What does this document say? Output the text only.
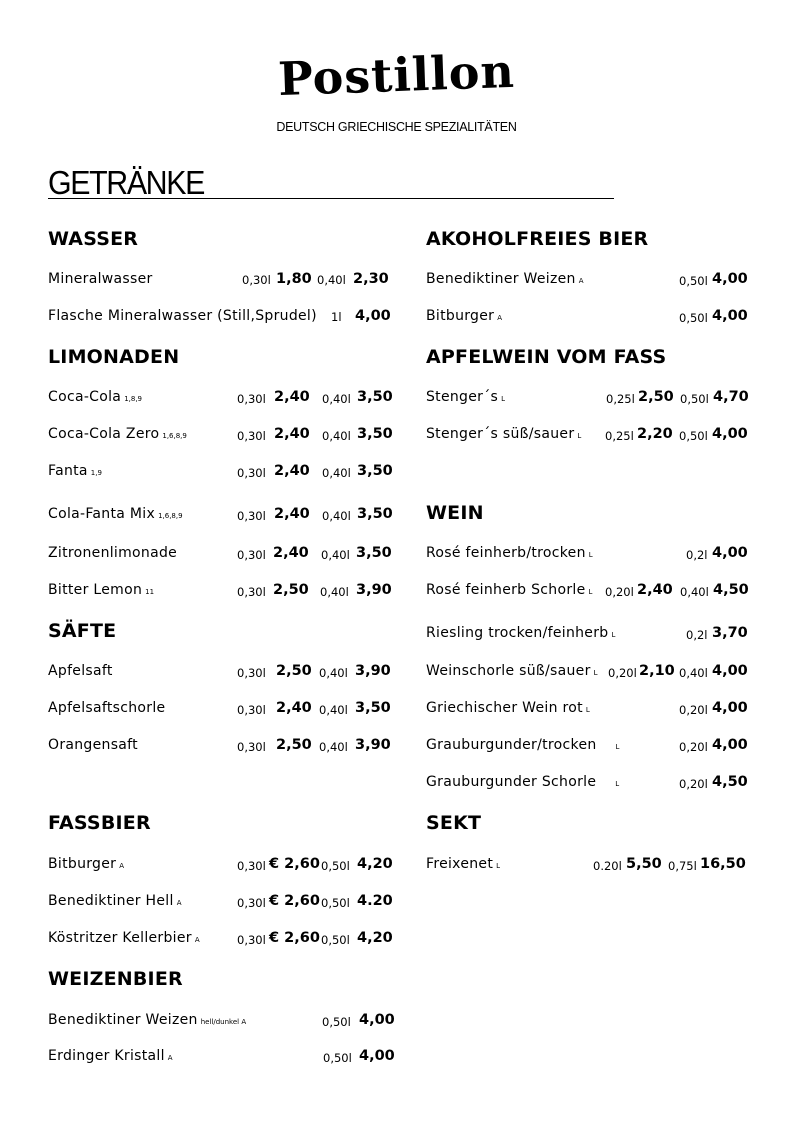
Postillon
DEUTSCH GRIECHISCHE SPEZIALITÄTEN
GETRÄNKE
WASSER
Mineralwasser	0,30l 1,80 0,40l 2,30
Flasche Mineralwasser (Still,Sprudel) 1l 4,00
LIMONADEN
Coca-Cola 1,8,9	0,30l 2,40 0,40l 3,50
Coca-Cola Zero 1,6,8,9	0,30l 2,40 0,40l 3,50
Fanta 1,9	0,30l 2,40 0,40l 3,50
Cola-Fanta Mix 1,6,8,9	0,30l 2,40 0,40l 3,50
Zitronenlimonade	0,30l 2,40 0,40l 3,50
Bitter Lemon 11	0,30l 2,50 0,40l 3,90
SÄFTE
Apfelsaft	0,30l 2,50 0,40l 3,90
Apfelsaftschorle	0,30l 2,40 0,40l 3,50
Orangensaft	0,30l 2,50 0,40l 3,90
FASSBIER
Bitburger A	0,30l € 2,60 0,50l 4,20
Benediktiner Hell A	0,30l € 2,60 0,50l 4.20
Köstritzer Kellerbier A	0,30l € 2,60 0,50l 4,20
WEIZENBIER
Benediktiner Weizen hell/dunkel A	0,50l 4,00
Erdinger Kristall A	0,50l 4,00
AKOHOLFREIES BIER
Benediktiner Weizen A	0,50l 4,00
Bitburger A	0,50l 4,00
APFELWEIN VOM FASS
Stenger´s L	0,25l 2,50 0,50l 4,70
Stenger´s süß/sauer L 0,25l 2,20 0,50l 4,00
WEIN
Rosé feinherb/trocken L	0,2l 4,00
Rosé feinherb Schorle L 0,20l 2,40 0,40l 4,50
Riesling trocken/feinherb L	0,2l 3,70
Weinschorle süß/sauer L 0,20l 2,10 0,40l 4,00
Griechischer Wein rot L	0,20l 4,00
Grauburgunder/trocken	L	0,20l 4,00
Grauburgunder Schorle	L	0,20l 4,50
SEKT
Freixenet L	0.20l 5,50 0,75l 16,50
